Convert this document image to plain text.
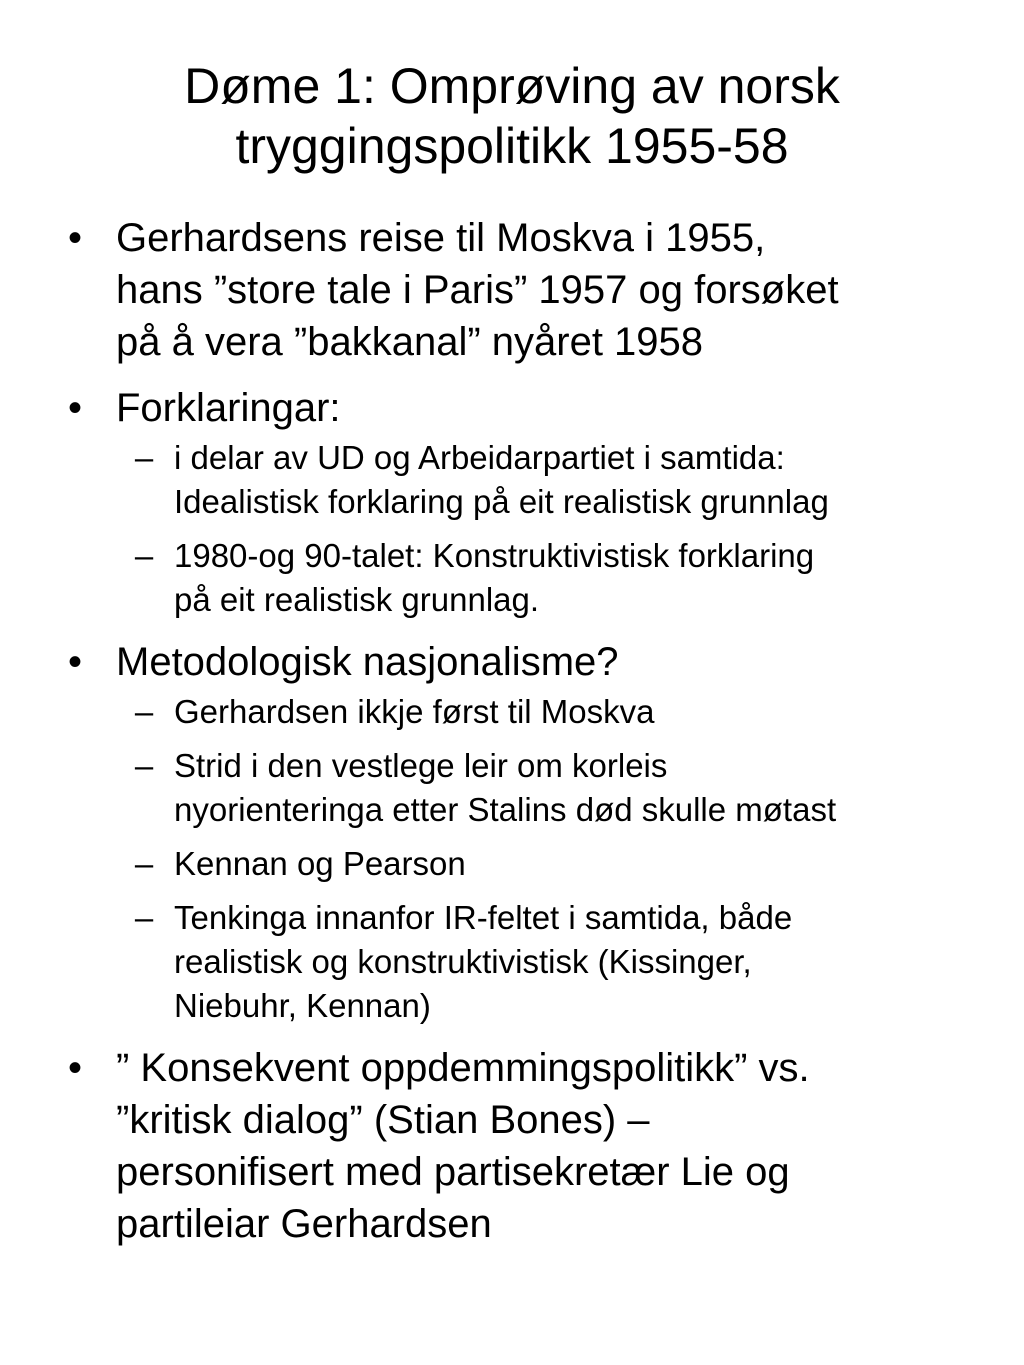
Døme 1: Omprøving av norsk
tryggingspolitikk 1955-58
• Gerhardsens reise til Moskva i 1955,
hans ”store tale i Paris” 1957 og forsøket
på å vera ”bakkanal” nyåret 1958
• Forklaringar:
– i delar av UD og Arbeidarpartiet i samtida:
Idealistisk forklaring på eit realistisk grunnlag
– 1980-og 90-talet: Konstruktivistisk forklaring
på eit realistisk grunnlag.
• Metodologisk nasjonalisme?
– Gerhardsen ikkje først til Moskva
– Strid i den vestlege leir om korleis
nyorienteringa etter Stalins død skulle møtast
– Kennan og Pearson
– Tenkinga innanfor IR-feltet i samtida, både
realistisk og konstruktivistisk (Kissinger,
Niebuhr, Kennan)
• ” Konsekvent oppdemmingspolitikk” vs.
”kritisk dialog” (Stian Bones) –
personifisert med partisekretær Lie og
partileiar Gerhardsen
